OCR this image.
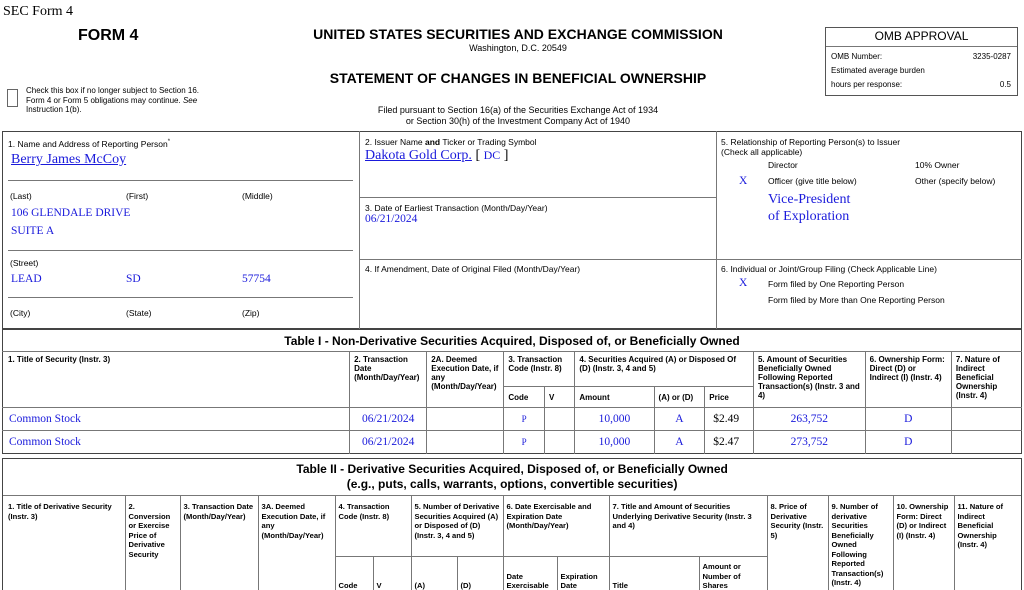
SEC Form 4
FORM 4
Check this box if no longer subject to Section 16. Form 4 or Form 5 obligations may continue. See Instruction 1(b).
UNITED STATES SECURITIES AND EXCHANGE COMMISSION
Washington, D.C. 20549
STATEMENT OF CHANGES IN BENEFICIAL OWNERSHIP
Filed pursuant to Section 16(a) of the Securities Exchange Act of 1934
or Section 30(h) of the Investment Company Act of 1940
OMB APPROVAL
OMB Number:	3235-0287
Estimated average burden
hours per response:	0.5
1. Name and Address of Reporting Person*
Berry James McCoy
(Last)	(First)	(Middle)
106 GLENDALE DRIVE
SUITE A
(Street)
LEAD	SD	57754
(City)	(State)	(Zip)
2. Issuer Name and Ticker or Trading Symbol
Dakota Gold Corp. [ DC ]
3. Date of Earliest Transaction (Month/Day/Year)
06/21/2024
4. If Amendment, Date of Original Filed (Month/Day/Year)
5. Relationship of Reporting Person(s) to Issuer
(Check all applicable)
Director	10% Owner
X Officer (give title below)	Other (specify below)
Vice-President
of Exploration
6. Individual or Joint/Group Filing (Check Applicable Line)
X Form filed by One Reporting Person
Form filed by More than One Reporting Person
Table I - Non-Derivative Securities Acquired, Disposed of, or Beneficially Owned										
1. Title of Security (Instr. 3)	2. Transaction Date (Month/Day/Year)	2A. Deemed Execution Date, if any (Month/Day/Year)	3. Transaction Code (Instr. 8)		4. Securities Acquired (A) or Disposed Of (D) (Instr. 3, 4 and 5)			5. Amount of Securities Beneficially Owned Following Reported Transaction(s) (Instr. 3 and 4)	6. Ownership Form: Direct (D) or Indirect (I) (Instr. 4)	7. Nature of Indirect Beneficial Ownership (Instr. 4)
			Code	V	Amount	(A) or (D)	Price			
Common Stock	06/21/2024		P		10,000	A	$2.49	263,752	D	
Common Stock	06/21/2024		P		10,000	A	$2.47	273,752	D	
Table II - Derivative Securities Acquired, Disposed of, or Beneficially Owned
(e.g., puts, calls, warrants, options, convertible securities)															

1. Title of Derivative Security (Instr. 3)	2. Conversion or Exercise Price of Derivative Security	3. Transaction Date (Month/Day/Year)	3A. Deemed Execution Date, if any (Month/Day/Year)	4. Transaction Code (Instr. 8)		5. Number of Derivative Securities Acquired (A) or Disposed of (D) (Instr. 3, 4 and 5)		6. Date Exercisable and Expiration Date (Month/Day/Year)		7. Title and Amount of Securities Underlying Derivative Security (Instr. 3 and 4)		8. Price of Derivative Security (Instr. 5)	9. Number of derivative Securities Beneficially Owned Following Reported Transaction(s) (Instr. 4)	10. Ownership Form: Direct (D) or Indirect (I) (Instr. 4)	11. Nature of Indirect Beneficial Ownership (Instr. 4)
				Code	V	(A)	(D)	Date Exercisable	Expiration Date	Title	Amount or Number of Shares				
